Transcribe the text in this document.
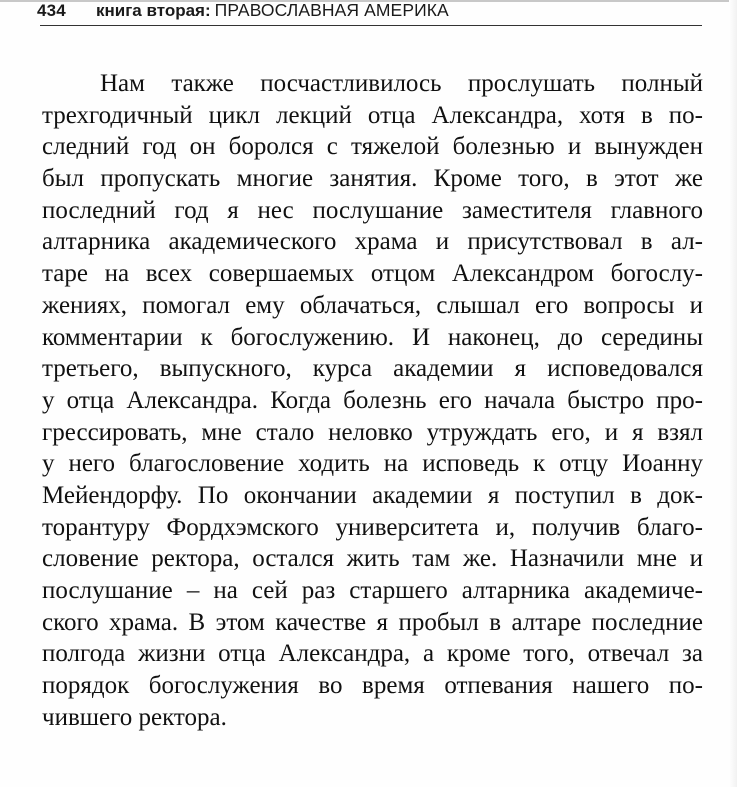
434	книга вторая : ПРАВОСЛАВНАЯ АМЕРИКА
Нам также посчастливилось прослушать полный
трехгодичный цикл лекций отца Александра, хотя в по-
следний год он боролся с тяжелой болезнью и вынужден
был пропускать многие занятия. Кроме того, в этот же
последний год я нес послушание заместителя главного
алтарника академического храма и присутствовал в ал-
таре на всех совершаемых отцом Александром богослу-
жениях, помогал ему облачаться, слышал его вопросы и
комментарии к богослужению. И наконец, до середины
третьего, выпускного, курса академии я исповедовался
у отца Александра. Когда болезнь его начала быстро про-
грессировать, мне стало неловко утруждать его, и я взял
у него благословение ходить на исповедь к отцу Иоанну
Мейендорфу. По окончании академии я поступил в док-
торантуру Фордхэмского университета и, получив благо-
словение ректора, остался жить там же. Назначили мне и
послушание – на сей раз старшего алтарника академиче-
ского храма. В этом качестве я пробыл в алтаре последние
полгода жизни отца Александра, а кроме того, отвечал за
порядок богослужения во время отпевания нашего по-
чившего ректора.
